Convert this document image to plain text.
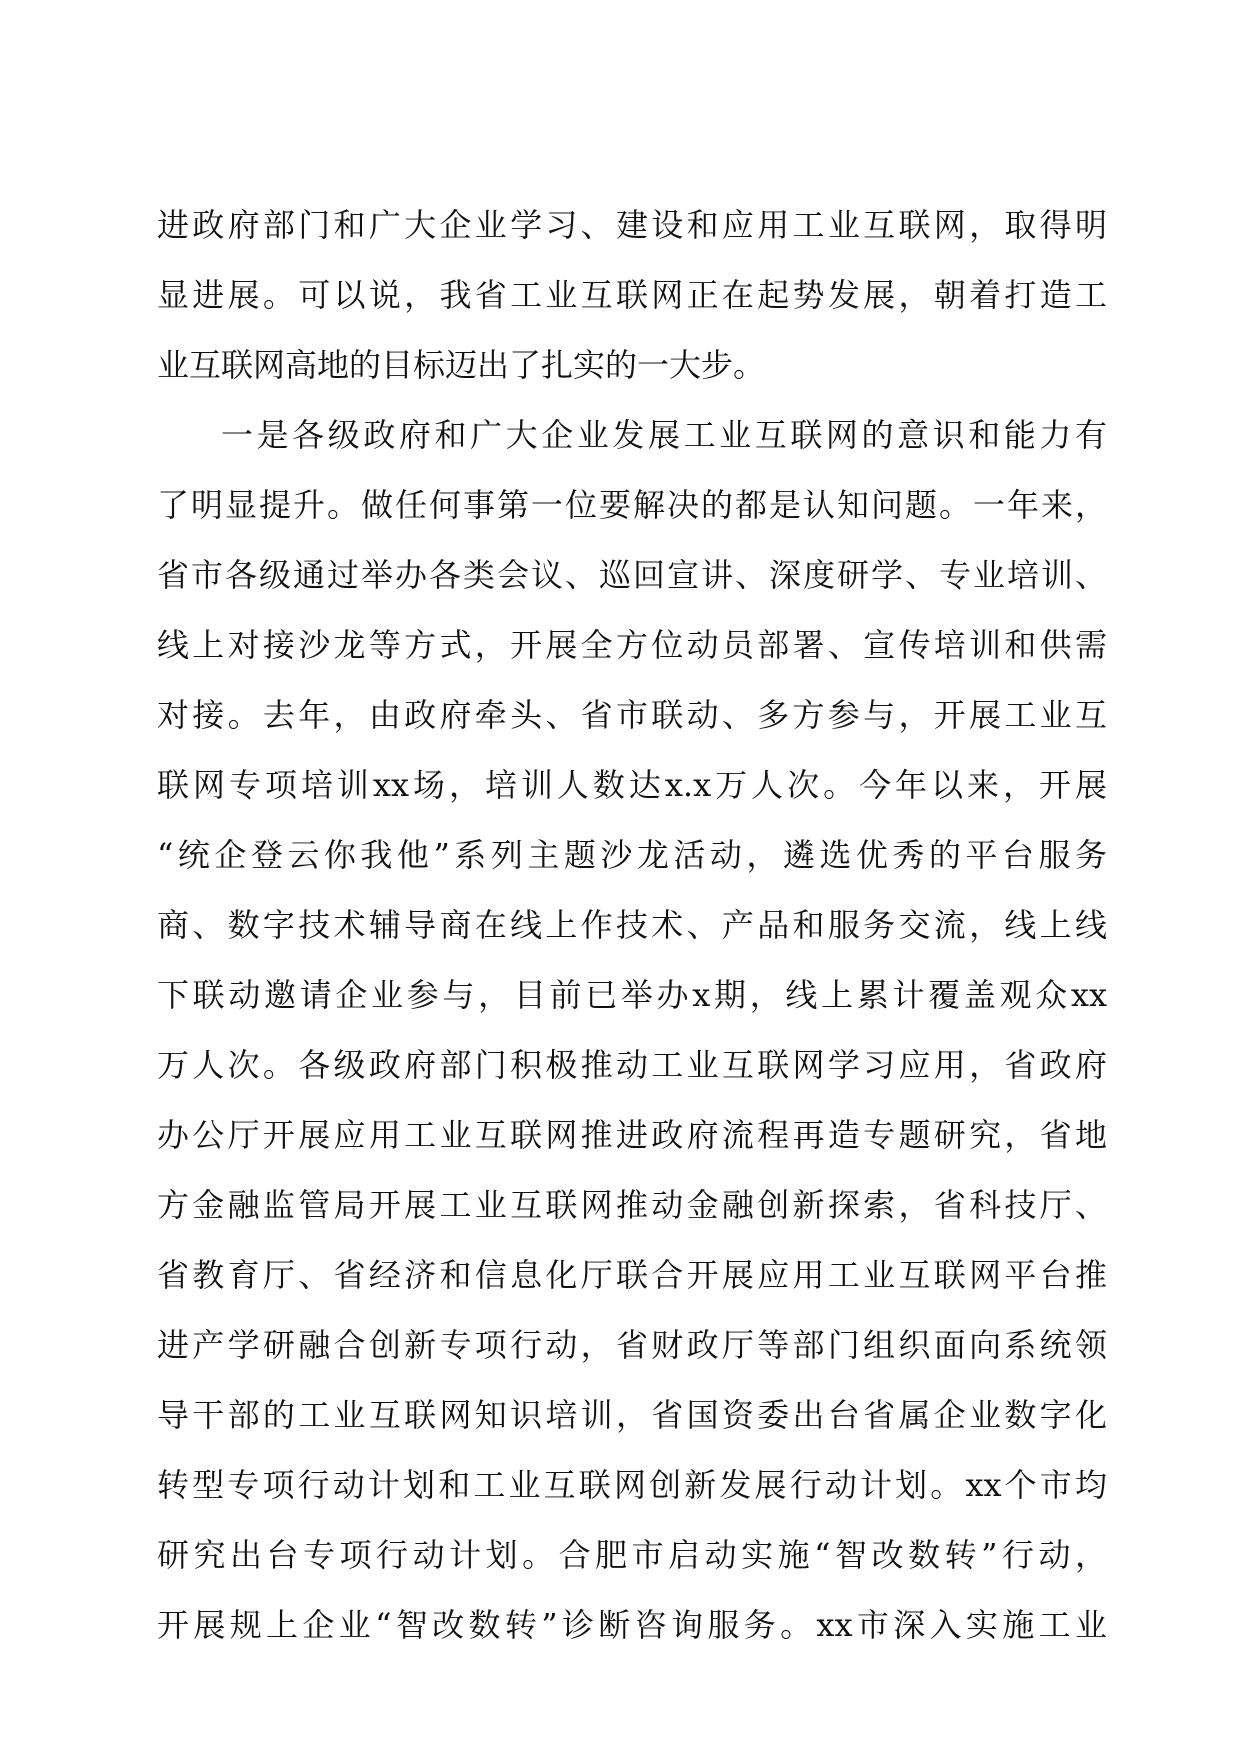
进政府部门和广大企业学习、建设和应用工业互联网，取得明
显进展。可以说，我省工业互联网正在起势发展，朝着打造工
业互联网高地的目标迈出了扎实的一大步。
一是各级政府和广大企业发展工业互联网的意识和能力有
了明显提升。做任何事第一位要解决的都是认知问题。一年来，
省市各级通过举办各类会议、巡回宣讲、深度研学、专业培训、
线上对接沙龙等方式，开展全方位动员部署、宣传培训和供需
对接。去年，由政府牵头、省市联动、多方参与，开展工业互
联网专项培训xx场，培训人数达x.x万人次。今年以来，开展
“统企登云你我他”系列主题沙龙活动，遴选优秀的平台服务
商、数字技术辅导商在线上作技术、产品和服务交流，线上线
下联动邀请企业参与，目前已举办x期，线上累计覆盖观众xx
万人次。各级政府部门积极推动工业互联网学习应用，省政府
办公厅开展应用工业互联网推进政府流程再造专题研究，省地
方金融监管局开展工业互联网推动金融创新探索，省科技厅、
省教育厅、省经济和信息化厅联合开展应用工业互联网平台推
进产学研融合创新专项行动，省财政厅等部门组织面向系统领
导干部的工业互联网知识培训，省国资委出台省属企业数字化
转型专项行动计划和工业互联网创新发展行动计划。xx个市均
研究出台专项行动计划。合肥市启动实施“智改数转”行动，
开展规上企业“智改数转”诊断咨询服务。xx市深入实施工业
